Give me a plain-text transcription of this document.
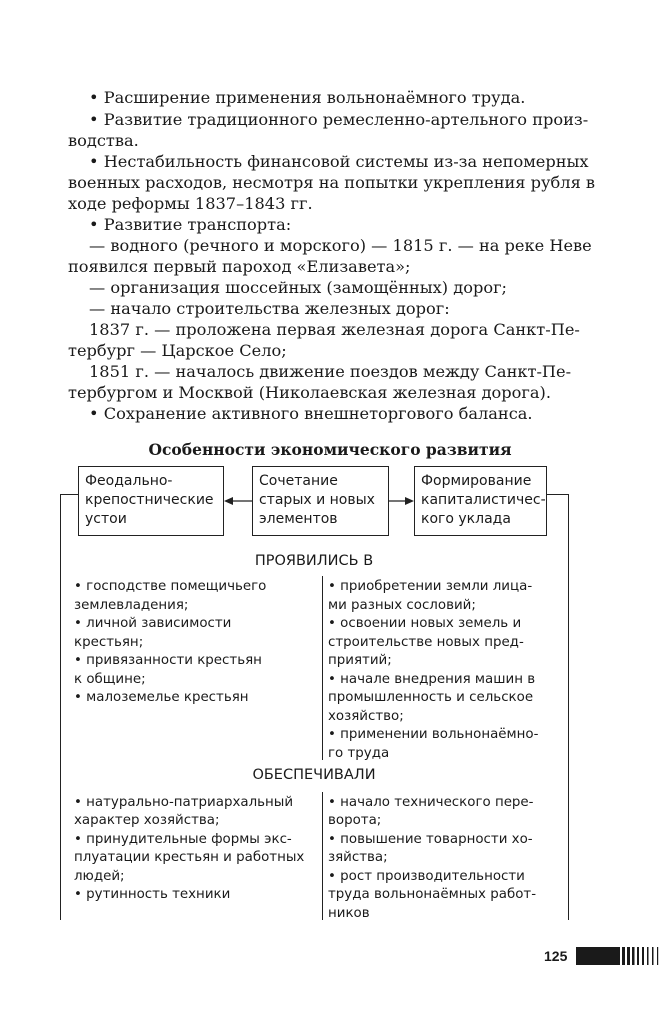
• Расширение применения вольнонаёмного труда.
• Развитие традиционного ремесленно-артельного произ-
водства.
• Нестабильность финансовой системы из-за непомерных
военных расходов, несмотря на попытки укрепления рубля в
ходе реформы 1837–1843 гг.
• Развитие транспорта:
— водного (речного и морского) — 1815 г. — на реке Неве
появился первый пароход «Елизавета»;
— организация шоссейных (замощённых) дорог;
— начало строительства железных дорог:
1837 г. — проложена первая железная дорога Санкт-Пе-
тербург — Царское Село;
1851 г. — началось движение поездов между Санкт-Пе-
тербургом и Москвой (Николаевская железная дорога).
• Сохранение активного внешнеторгового баланса.
Особенности экономического развития
Феодально-
крепостнические
устои
Сочетание
старых и новых
элементов
Формирование
капиталистичес-
кого уклада
ПРОЯВИЛИСЬ В
• господстве помещичьего
землевладения;
• личной зависимости
крестьян;
• привязанности крестьян
к общине;
• малоземелье крестьян
• приобретении земли лица-
ми разных сословий;
• освоении новых земель и
строительстве новых пред-
приятий;
• начале внедрения машин в
промышленность и сельское
хозяйство;
• применении вольнонаёмно-
го труда
ОБЕСПЕЧИВАЛИ
• натурально-патриархальный
характер хозяйства;
• принудительные формы экс-
плуатации крестьян и работных
людей;
• рутинность техники
• начало технического пере-
ворота;
• повышение товарности хо-
зяйства;
• рост производительности
труда вольнонаёмных работ-
ников
125
